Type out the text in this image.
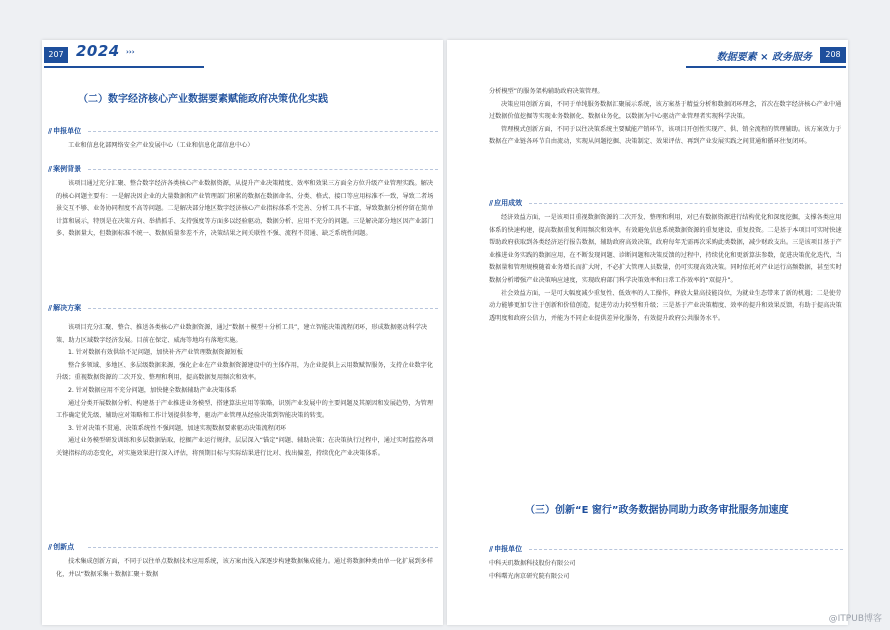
207 2024 ›››
（二）数字经济核心产业数据要素赋能政府决策优化实践
// 申报单位

工业和信息化部网络安全产业发展中心（工业和信息化部信息中心）

// 案例背景

该项目通过充分汇聚、整合数字经济各类核心产业数据资源，从提升产业决策精度、效率和效果三方面全方位升级产业管理实践。解决的核心问题主要有：一是解决因企业的大量数据和产业管理部门积累的数据在数据命名、分类、格式、接口等应用标准不一致，导致二者场景交互不够、业务协同程度不高等问题。二是解决部分地区数字经济核心产业指标体系不完善、分析工具不丰富，导致数据分析停留在简单计算和展示，特别是在决策方向、举措抓手、支持强度等方面多以经验驱动，数据分析、应用不充分的问题。三是解决部分地区因产业部门多、数据量大，但数据标准不统一、数据质量参差不齐，决策结果之间关联性不强、流程不贯通、缺乏系统性问题。

// 解决方案

该项目充分汇聚、整合、推送各类核心产业数据资源，通过“数据＋模型＋分析工具”，建立智能决策流程闭环，形成数据驱动科学决策、助力区域数字经济发展。目前在保定、威海等地均有落地实施。

1. 针对数据有效供给不足问题，加快补齐产业管理数据资源短板

整合多领域、多地区、多层级数据来源，强化企业在产业数据资源建设中的主体作用，为企业提供上云用数赋智服务，支持企业数字化升级；重视数据资源的二次开发、整理和利用，提高数据复用频次和效率。

2. 针对数据应用不充分问题，加快健全数据辅助产业决策体系

通过分类开展数据分析、构建基于产业推进业务模型、搭建算法应用等策略，识别产业发展中的主要问题及其原因和发展趋势，为管理工作确定优先级、辅助应对策略和工作计划提供参考，驱动产业管理从经验决策到智能决策的转变。

3. 针对决策不贯通、决策系统性不强问题，加速实现数据要素驱动决策流程闭环

通过业务模型研发训练和多层数据钻取，挖掘产业运行规律，层层深入“锚定”问题、辅助决策；在决策执行过程中，通过实时监控各项关键指标的动态变化，对实施效果进行深入评估，将预期目标与实际结果进行比对、找出偏差，持续优化产业决策体系。

// 创新点

技术集成创新方面，不同于以往单点数据技术应用系统，该方案由浅入深逐步构建数据集成能力。通过将数据种类由单一化扩展到多样化，并以“数据采集＋数据汇聚＋数据

数据要素 × 政务服务	208

分析模型”的服务架构辅助政府决策管理。

决策应用创新方面，不同于单纯服务数据汇聚展示系统，该方案基于精益分析和数据闭环理念，首次在数字经济核心产业中通过数据价值挖掘等实现业务数据化、数据业务化，以数据为中心驱动产业管理者实现科学决策。

管理模式创新方面，不同于以往决策系统主要赋能产销环节，该项目开创性实现产、供、销全流程的管理辅助。该方案效力于数据在产业链各环节自由流动，实现从问题挖掘、决策制定、效果评估、再到产业发展实践之间贯通和循环往复闭环。

// 应用成效

经济效益方面，一是该项目重视数据资源的二次开发、整理和利用，对已有数据资源进行结构优化和深度挖掘，支撑各类应用体系的快速构建，提高数据重复利用频次和效率，有效避免信息系统数据资源的重复建设、重复投资。二是基于本项目可实时快速帮助政府获取到各类经济运行报告数据，辅助政府高效决策，政府每年无需再次采购此类数据，减少财政支出。三是该项目基于产业推进业务实践的数据应用，在不断发现问题、诊断问题和决策反馈的过程中，持续优化和更新算法参数，促进决策优化迭代，当数据量和管理规模随着业务增长而扩大时，不必扩大管理人员数量，仍可实现高效决策。同时依托对产业运行高频数据，甚至实时数据分析增强产业决策响应速度，实现政府部门科学决策效率和日常工作效率的“双提升”。

社会效益方面，一是可大幅度减少重复性、低效率的人工操作，释放大量高技能岗位，为就业生态带来了新的机遇；二是使劳动力能够更加专注于创新和价值创造，促进劳动力转型和升级；三是基于产业决策精度、效率的提升和效果反馈，有助于提高决策透明度和政府公信力，并能为不同企业提供差异化服务，有效提升政府公共服务水平。

（三）创新“E 窗行”政务数据协同助力政务审批服务加速度
// 申报单位

中科天玑数据科技股份有限公司

中科曙光南京研究院有限公司

@ITPUB博客
